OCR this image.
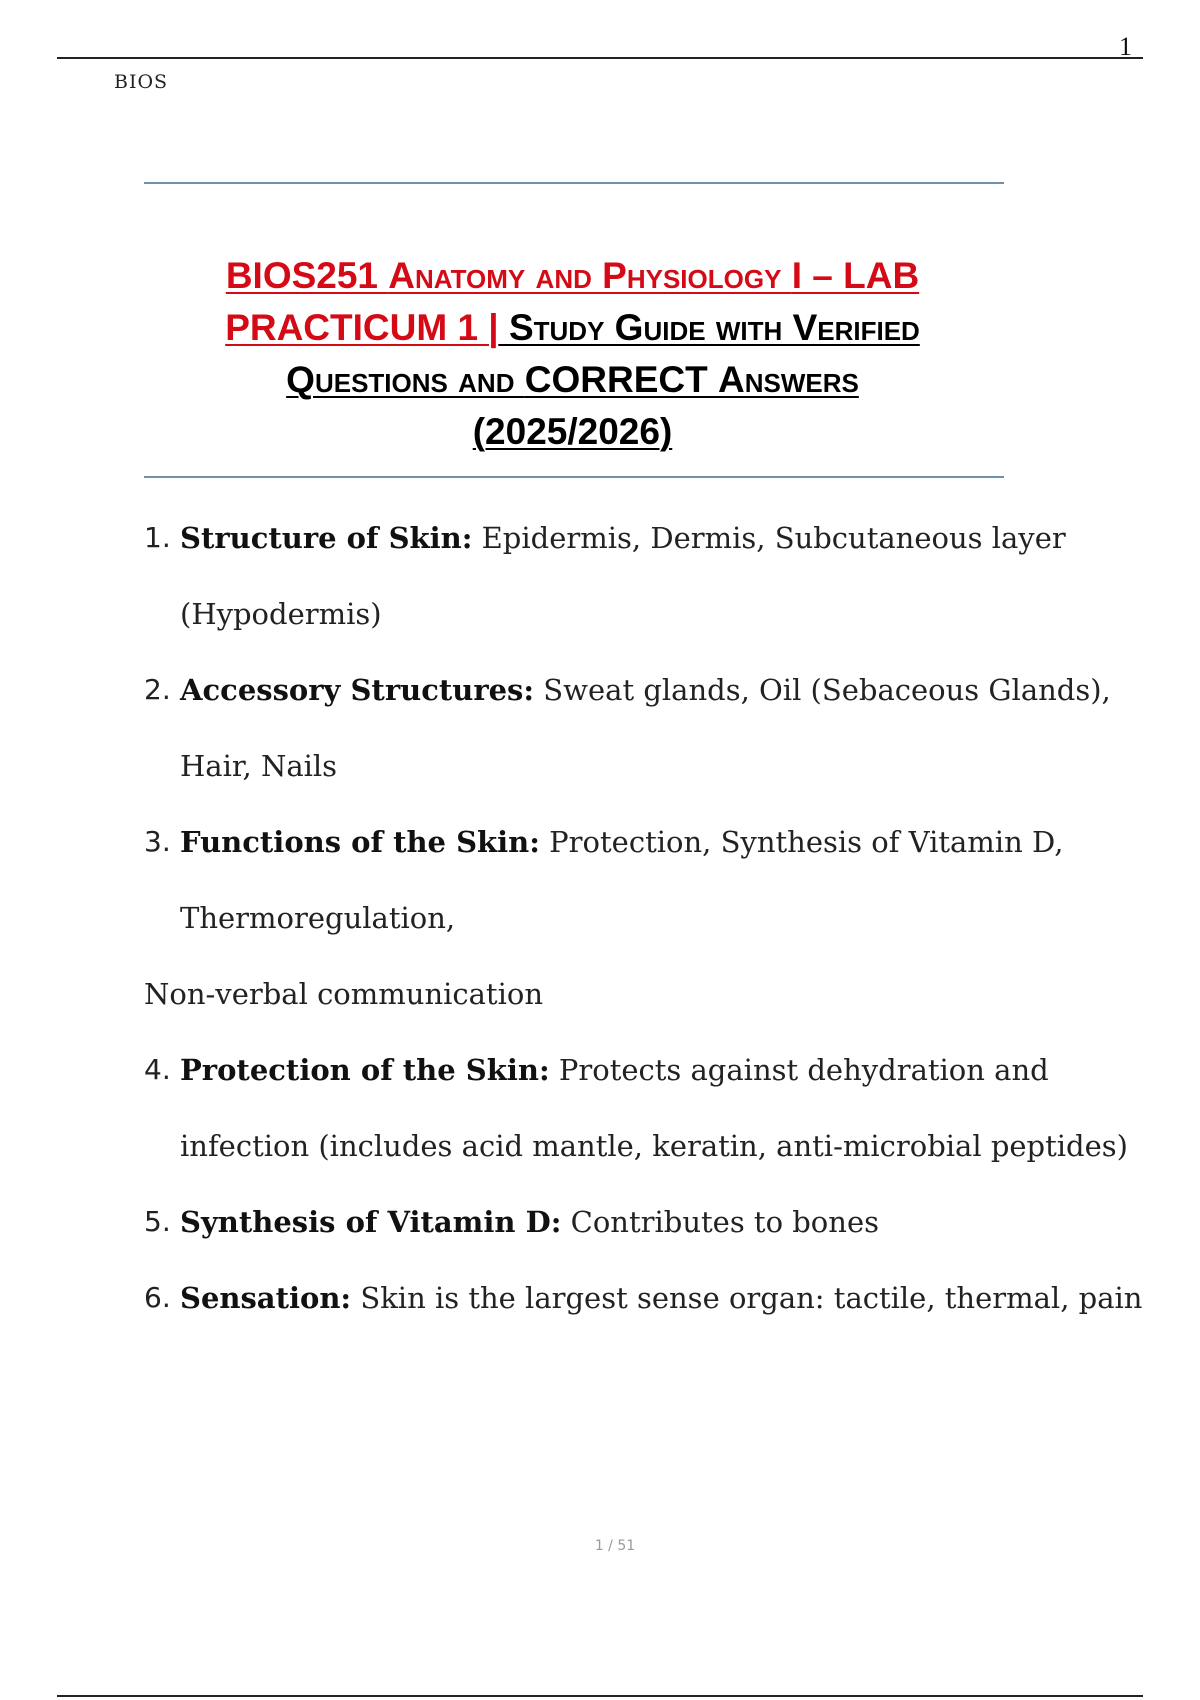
1
BIOS
BIOS251 Anatomy and Physiology I – LAB
PRACTICUM 1 | Study Guide with Verified
Questions and CORRECT Answers
(2025/2026)
1. Structure of Skin: Epidermis, Dermis, Subcutaneous layer
(Hypodermis)
2. Accessory Structures: Sweat glands, Oil (Sebaceous Glands),
Hair, Nails
3. Functions of the Skin: Protection, Synthesis of Vitamin D,
Thermoregulation,
Non-verbal communication
4. Protection of the Skin: Protects against dehydration and
infection (includes acid mantle, keratin, anti-microbial peptides)
5. Synthesis of Vitamin D: Contributes to bones
6. Sensation: Skin is the largest sense organ: tactile, thermal, pain
1 / 51
